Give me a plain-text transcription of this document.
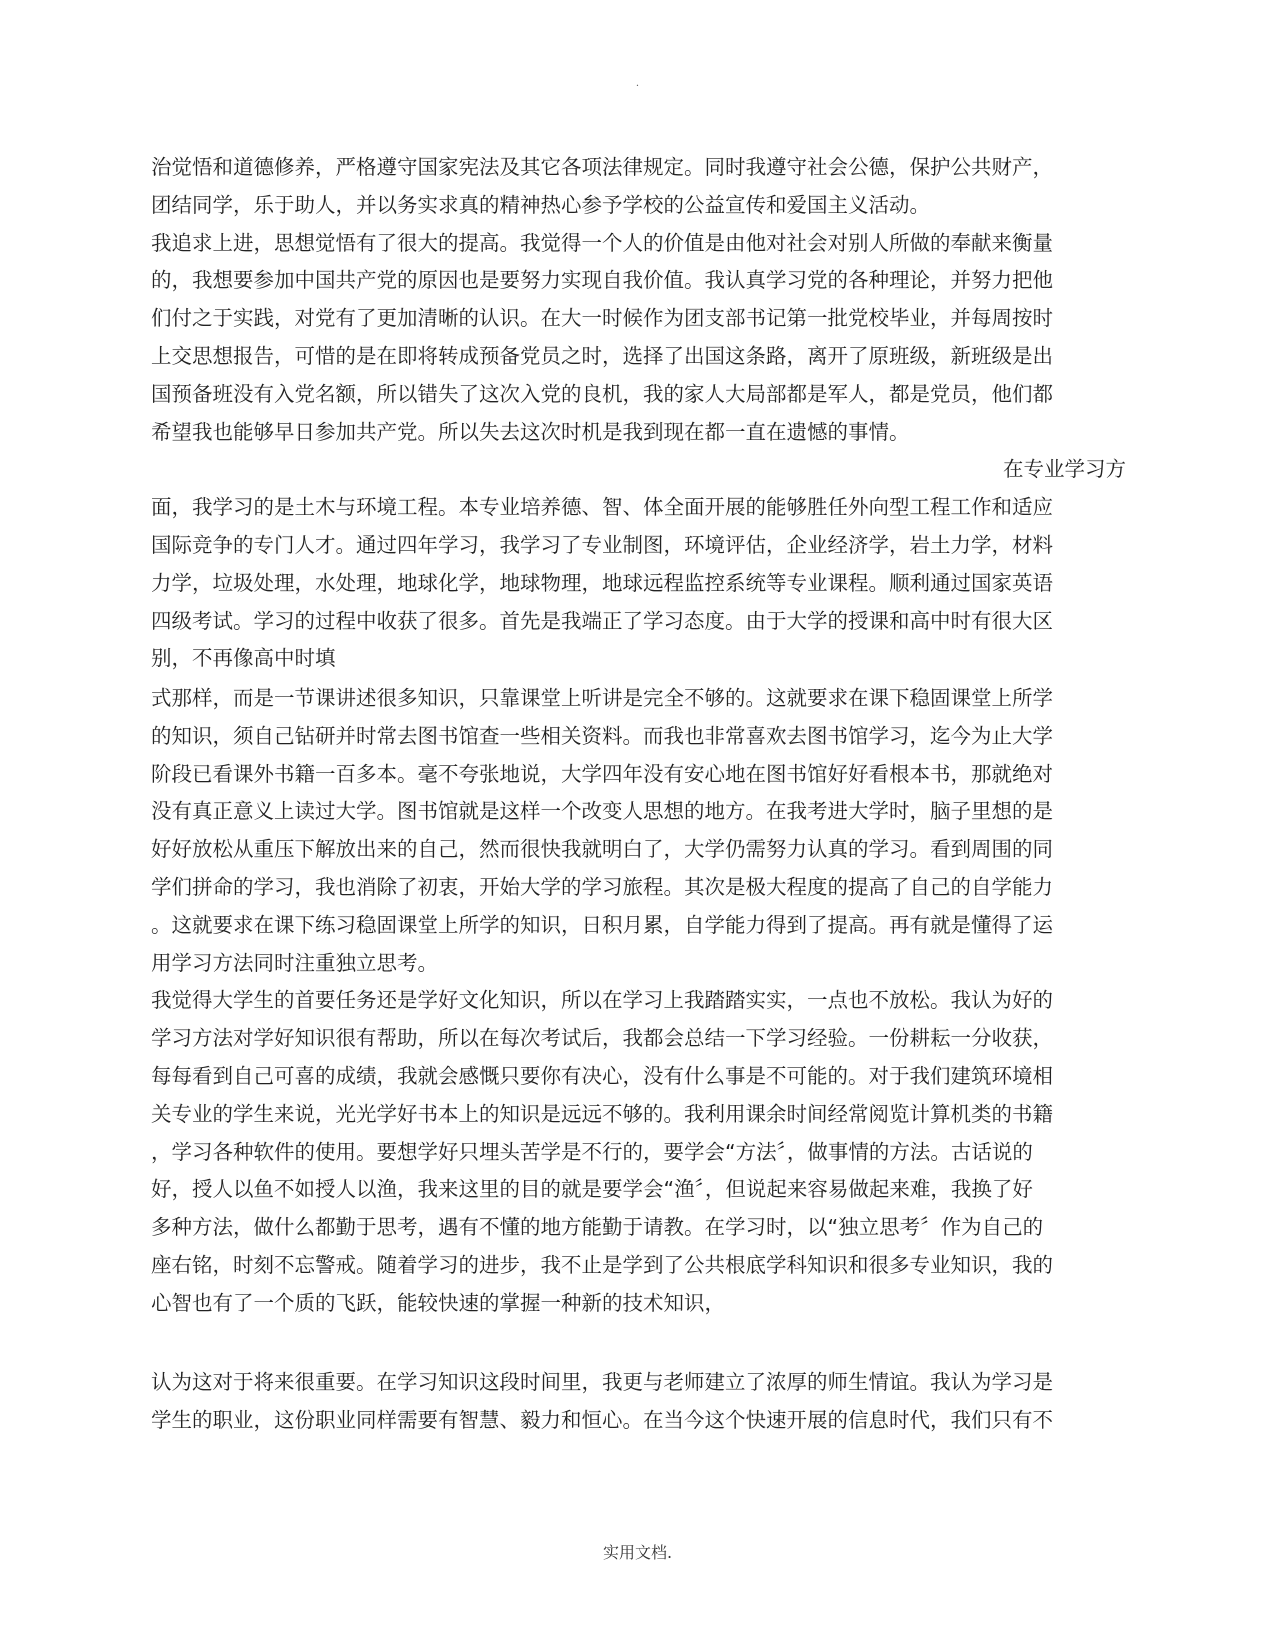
.
治觉悟和道德修养，严格遵守国家宪法及其它各项法律规定。同时我遵守社会公德，保护公共财产，
团结同学，乐于助人，并以务实求真的精神热心参予学校的公益宣传和爱国主义活动。
我追求上进，思想觉悟有了很大的提高。我觉得一个人的价值是由他对社会对别人所做的奉献来衡量
的，我想要参加中国共产党的原因也是要努力实现自我价值。我认真学习党的各种理论，并努力把他
们付之于实践，对党有了更加清晰的认识。在大一时候作为团支部书记第一批党校毕业，并每周按时
上交思想报告，可惜的是在即将转成预备党员之时，选择了出国这条路，离开了原班级，新班级是出
国预备班没有入党名额，所以错失了这次入党的良机，我的家人大局部都是军人，都是党员，他们都
希望我也能够早日参加共产党。所以失去这次时机是我到现在都一直在遗憾的事情。
在专业学习方
面，我学习的是土木与环境工程。本专业培养德、智、体全面开展的能够胜任外向型工程工作和适应
国际竞争的专门人才。通过四年学习，我学习了专业制图，环境评估，企业经济学，岩土力学，材料
力学，垃圾处理，水处理，地球化学，地球物理，地球远程监控系统等专业课程。顺利通过国家英语
四级考试。学习的过程中收获了很多。首先是我端正了学习态度。由于大学的授课和高中时有很大区
别，不再像高中时填
式那样，而是一节课讲述很多知识，只靠课堂上听讲是完全不够的。这就要求在课下稳固课堂上所学
的知识，须自己钻研并时常去图书馆查一些相关资料。而我也非常喜欢去图书馆学习，迄今为止大学
阶段已看课外书籍一百多本。毫不夸张地说，大学四年没有安心地在图书馆好好看根本书，那就绝对
没有真正意义上读过大学。图书馆就是这样一个改变人思想的地方。在我考进大学时，脑子里想的是
好好放松从重压下解放出来的自己，然而很快我就明白了，大学仍需努力认真的学习。看到周围的同
学们拼命的学习，我也消除了初衷，开始大学的学习旅程。其次是极大程度的提高了自己的自学能力
。这就要求在课下练习稳固课堂上所学的知识，日积月累，自学能力得到了提高。再有就是懂得了运
用学习方法同时注重独立思考。
我觉得大学生的首要任务还是学好文化知识，所以在学习上我踏踏实实，一点也不放松。我认为好的
学习方法对学好知识很有帮助，所以在每次考试后，我都会总结一下学习经验。一份耕耘一分收获，
每每看到自己可喜的成绩，我就会感慨只要你有决心，没有什么事是不可能的。对于我们建筑环境相
关专业的学生来说，光光学好书本上的知识是远远不够的。我利用课余时间经常阅览计算机类的书籍
，学习各种软件的使用。要想学好只埋头苦学是不行的，要学会“方法〞，做事情的方法。古话说的
好，授人以鱼不如授人以渔，我来这里的目的就是要学会“渔〞，但说起来容易做起来难，我换了好
多种方法，做什么都勤于思考，遇有不懂的地方能勤于请教。在学习时，以“独立思考〞作为自己的
座右铭，时刻不忘警戒。随着学习的进步，我不止是学到了公共根底学科知识和很多专业知识，我的
心智也有了一个质的飞跃，能较快速的掌握一种新的技术知识，
认为这对于将来很重要。在学习知识这段时间里，我更与老师建立了浓厚的师生情谊。我认为学习是
学生的职业，这份职业同样需要有智慧、毅力和恒心。在当今这个快速开展的信息时代，我们只有不
实用文档.
